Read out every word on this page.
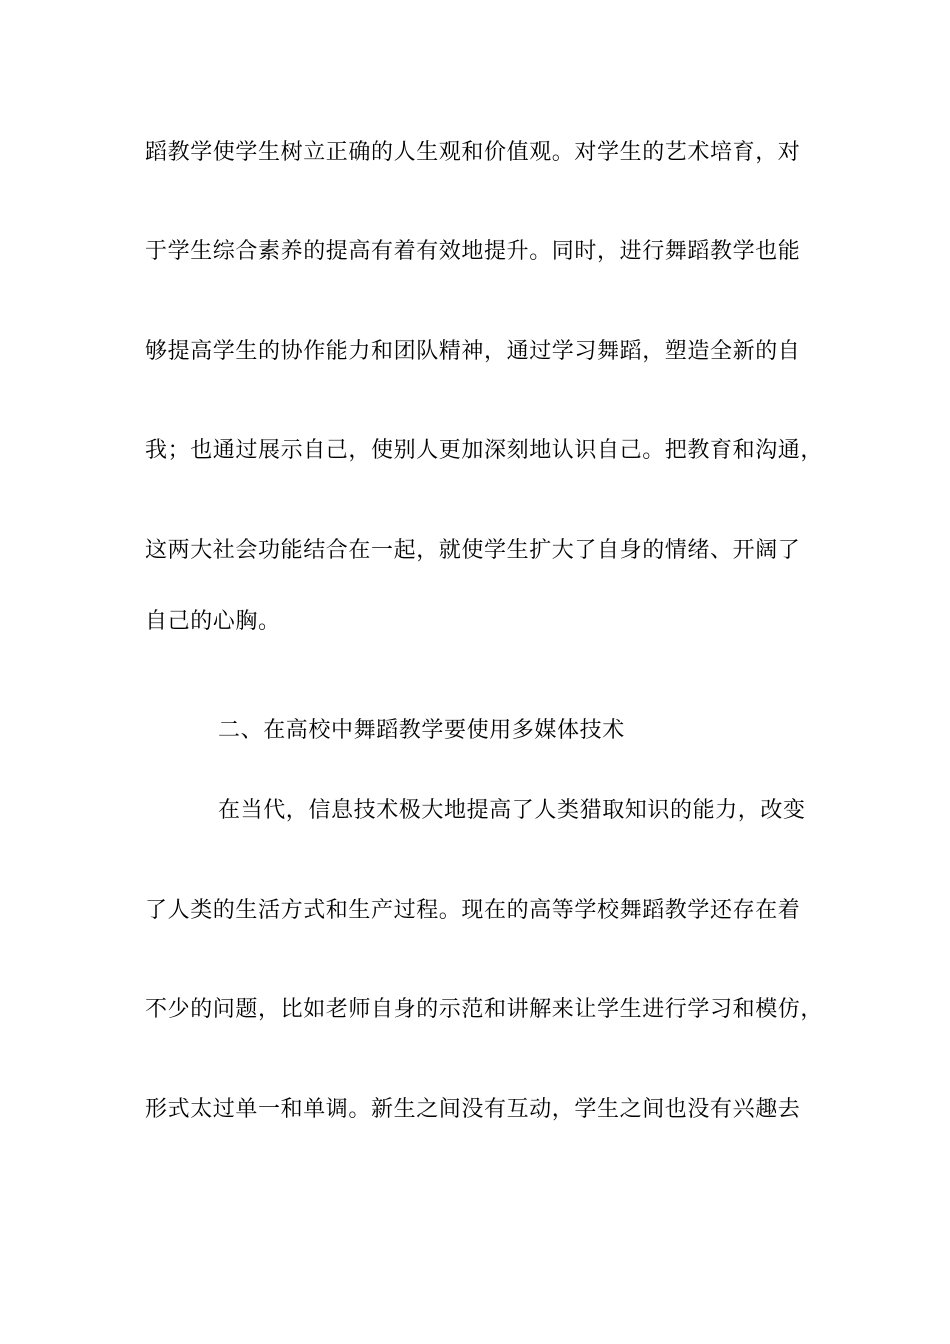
蹈教学使学生树立正确的人生观和价值观。对学生的艺术培育，对
于学生综合素养的提高有着有效地提升。同时，进行舞蹈教学也能
够提高学生的协作能力和团队精神，通过学习舞蹈，塑造全新的自
我；也通过展示自己，使别人更加深刻地认识自己。把教育和沟通，
这两大社会功能结合在一起，就使学生扩大了自身的情绪、开阔了
自己的心胸。
二、在高校中舞蹈教学要使用多媒体技术
在当代，信息技术极大地提高了人类猎取知识的能力，改变
了人类的生活方式和生产过程。现在的高等学校舞蹈教学还存在着
不少的问题，比如老师自身的示范和讲解来让学生进行学习和模仿，
形式太过单一和单调。新生之间没有互动，学生之间也没有兴趣去
